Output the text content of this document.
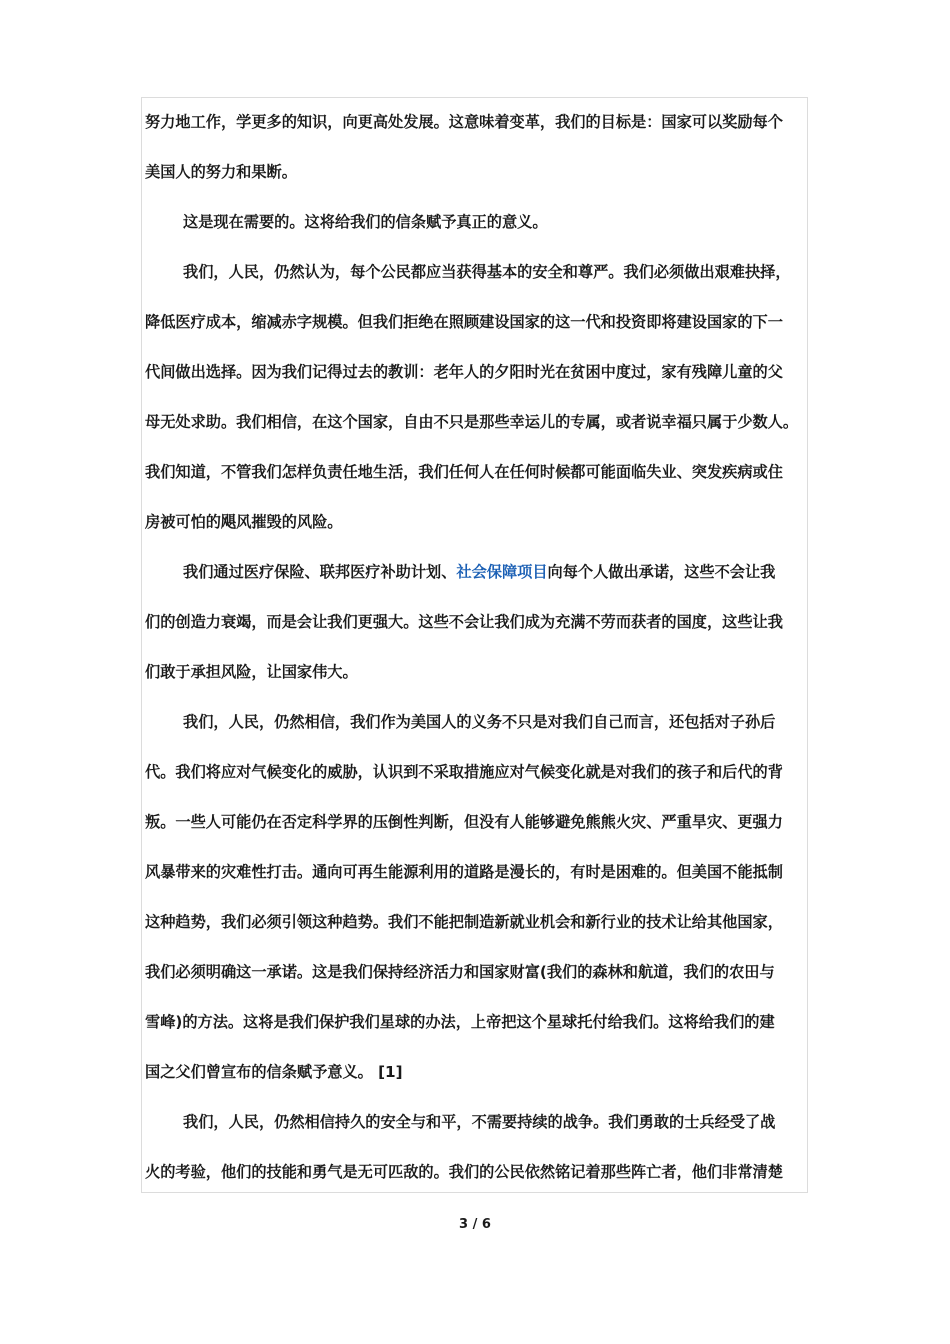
努力地工作，学更多的知识，向更高处发展。这意味着变革，我们的目标是：国家可以奖励每个
美国人的努力和果断。
这是现在需要的。这将给我们的信条赋予真正的意义。
我们，人民，仍然认为，每个公民都应当获得基本的安全和尊严。我们必须做出艰难抉择，
降低医疗成本，缩减赤字规模。但我们拒绝在照顾建设国家的这一代和投资即将建设国家的下一
代间做出选择。因为我们记得过去的教训：老年人的夕阳时光在贫困中度过，家有残障儿童的父
母无处求助。我们相信，在这个国家，自由不只是那些幸运儿的专属，或者说幸福只属于少数人。
我们知道，不管我们怎样负责任地生活，我们任何人在任何时候都可能面临失业、突发疾病或住
房被可怕的飓风摧毁的风险。
我们通过医疗保险、联邦医疗补助计划、社会保障项目向每个人做出承诺，这些不会让我
们的创造力衰竭，而是会让我们更强大。这些不会让我们成为充满不劳而获者的国度，这些让我
们敢于承担风险，让国家伟大。
我们，人民，仍然相信，我们作为美国人的义务不只是对我们自己而言，还包括对子孙后
代。我们将应对气候变化的威胁，认识到不采取措施应对气候变化就是对我们的孩子和后代的背
叛。一些人可能仍在否定科学界的压倒性判断，但没有人能够避免熊熊火灾、严重旱灾、更强力
风暴带来的灾难性打击。通向可再生能源利用的道路是漫长的，有时是困难的。但美国不能抵制
这种趋势，我们必须引领这种趋势。我们不能把制造新就业机会和新行业的技术让给其他国家，
我们必须明确这一承诺。这是我们保持经济活力和国家财富(我们的森林和航道，我们的农田与
雪峰)的方法。这将是我们保护我们星球的办法，上帝把这个星球托付给我们。这将给我们的建
国之父们曾宣布的信条赋予意义。 [1]
我们，人民，仍然相信持久的安全与和平，不需要持续的战争。我们勇敢的士兵经受了战
火的考验，他们的技能和勇气是无可匹敌的。我们的公民依然铭记着那些阵亡者，他们非常清楚
3 / 6
